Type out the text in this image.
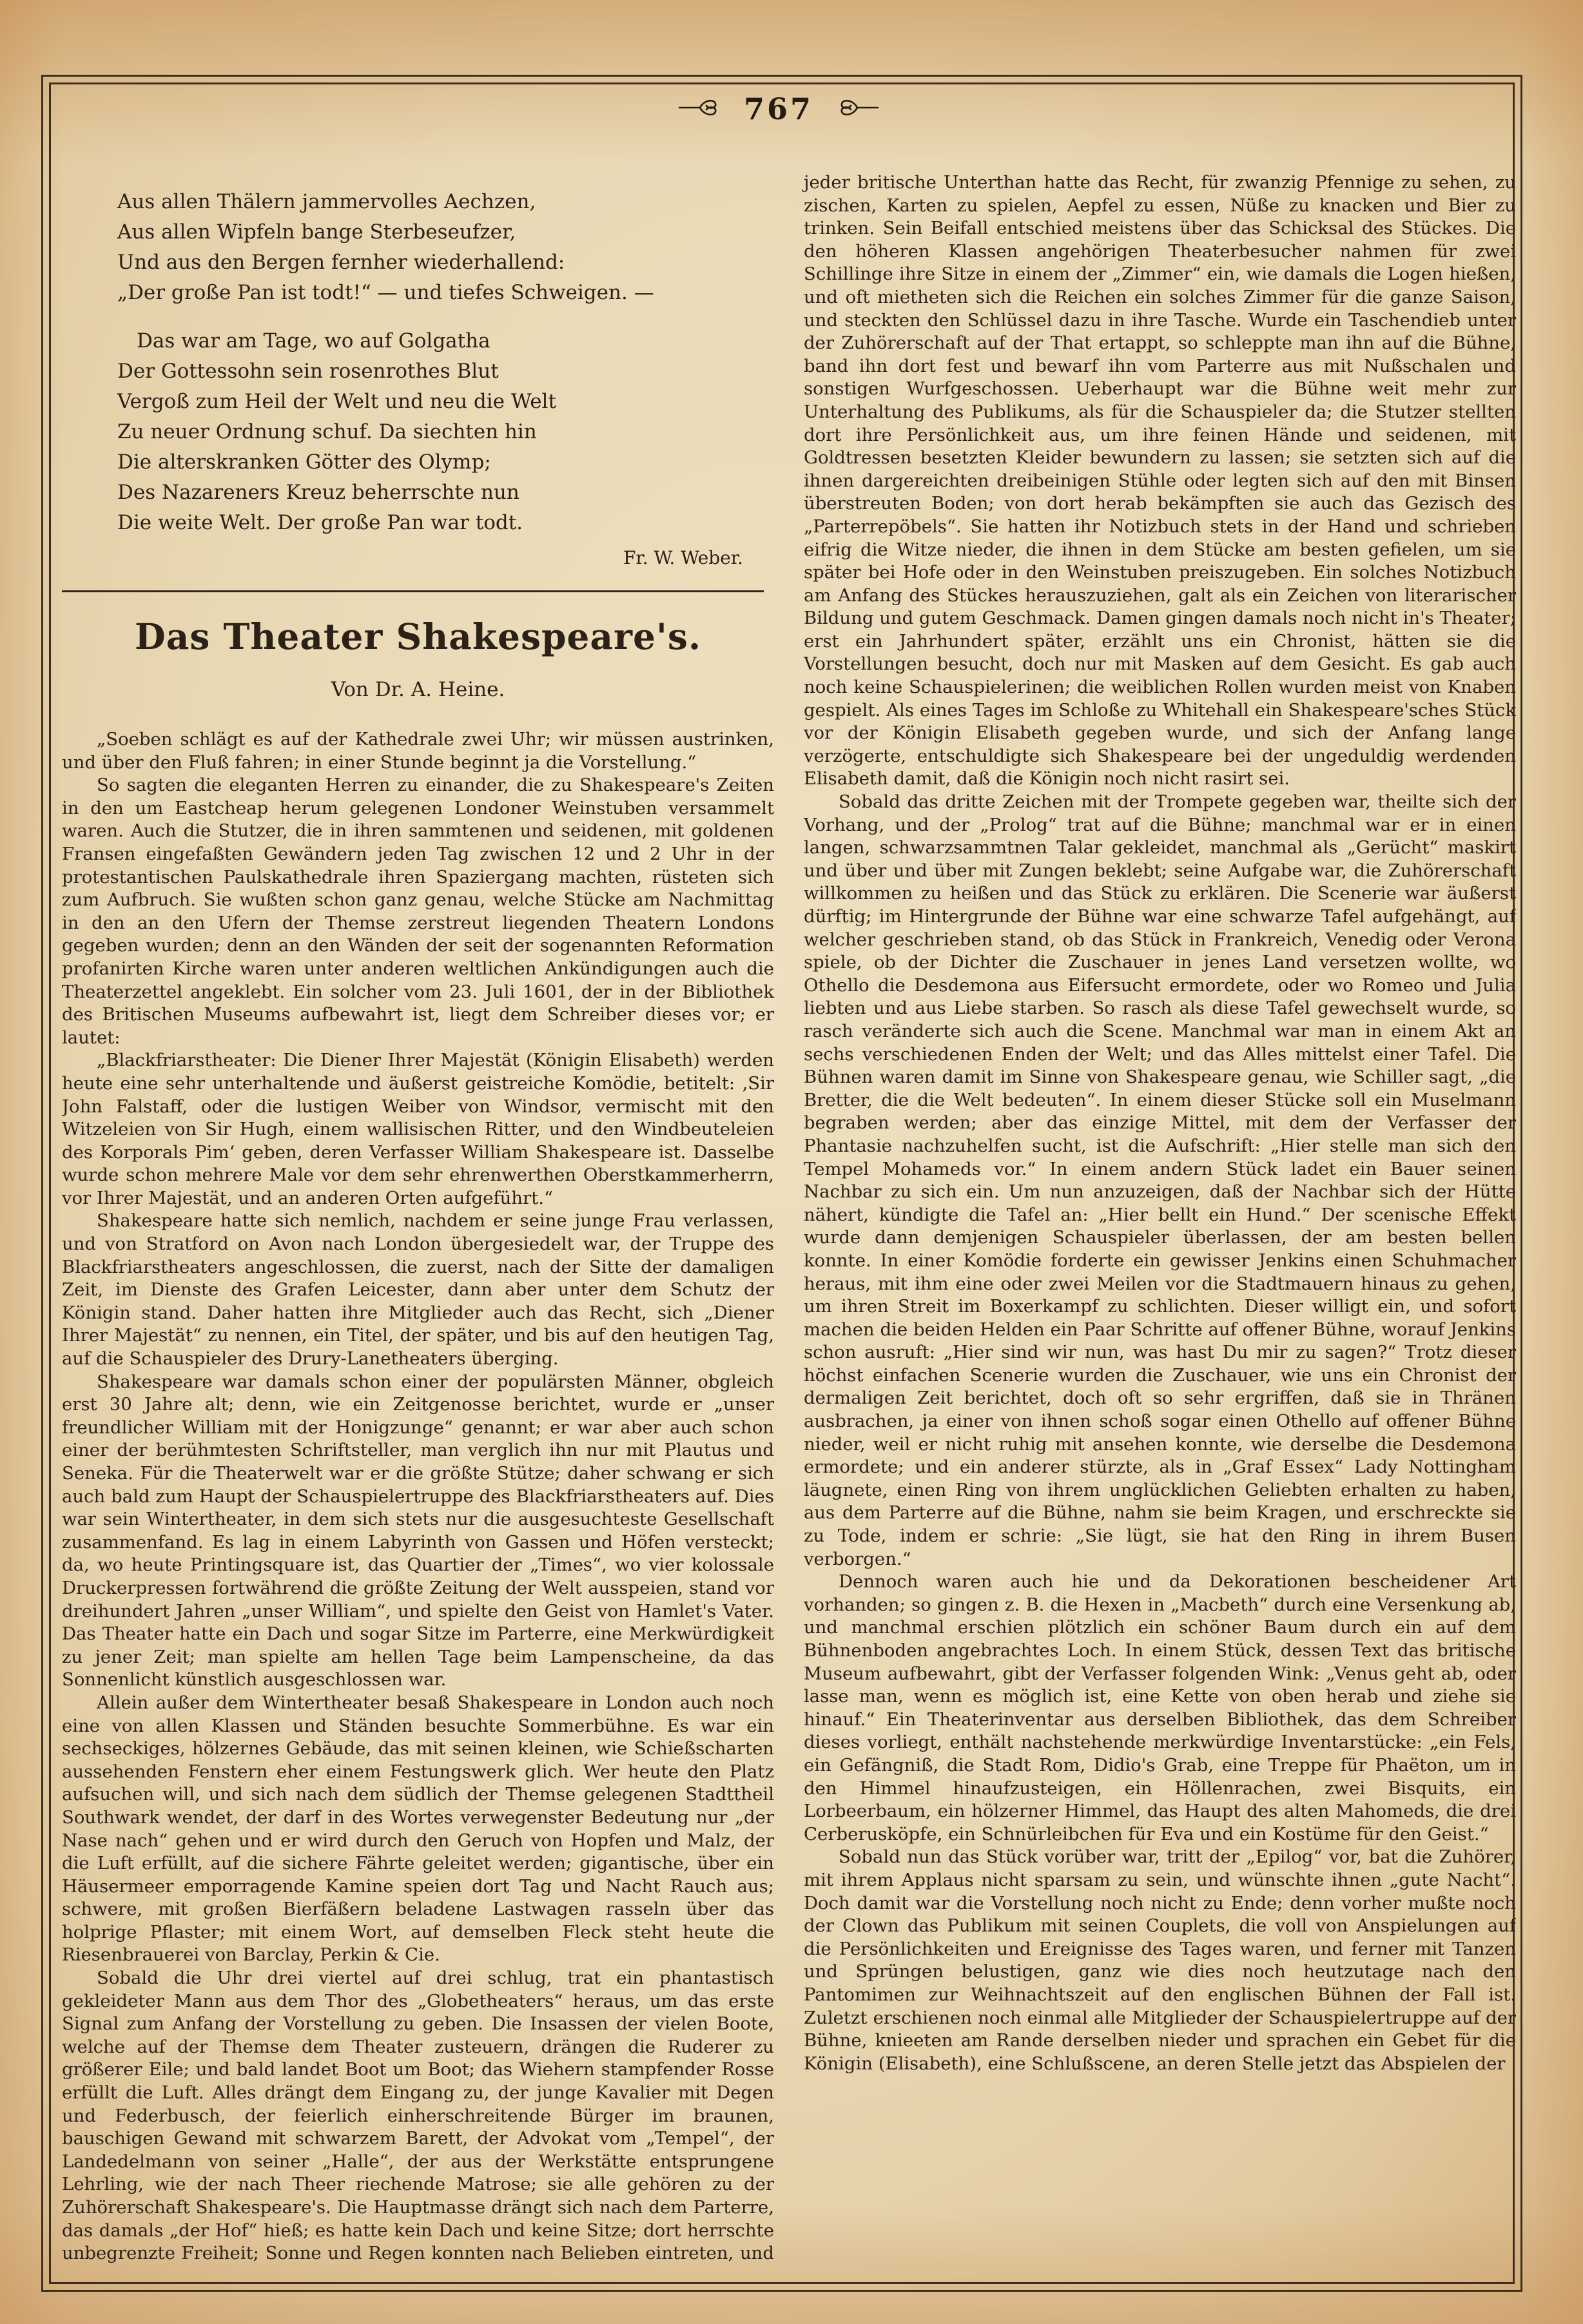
767
Aus allen Thälern jammervolles Aechzen,
Aus allen Wipfeln bange Sterbeseufzer,
Und aus den Bergen fernher wiederhallend:
„Der große Pan ist todt!“ — und tiefes Schweigen. —
Das war am Tage, wo auf Golgatha
Der Gottessohn sein rosenrothes Blut
Vergoß zum Heil der Welt und neu die Welt
Zu neuer Ordnung schuf. Da siechten hin
Die alterskranken Götter des Olymp;
Des Nazareners Kreuz beherrschte nun
Die weite Welt. Der große Pan war todt.
Fr. W. Weber.
Das Theater Shakespeare's.
Von Dr. A. Heine.

„Soeben schlägt es auf der Kathedrale zwei Uhr; wir müssen austrinken, und über den Fluß fahren; in einer Stunde beginnt ja die Vorstellung.“

So sagten die eleganten Herren zu einander, die zu Shakespeare's Zeiten in den um Eastcheap herum gelegenen Londoner Weinstuben versammelt waren. Auch die Stutzer, die in ihren sammtenen und seidenen, mit goldenen Fransen eingefaßten Gewändern jeden Tag zwischen 12 und 2 Uhr in der protestantischen Paulskathedrale ihren Spaziergang machten, rüsteten sich zum Aufbruch. Sie wußten schon ganz genau, welche Stücke am Nachmittag in den an den Ufern der Themse zerstreut liegenden Theatern Londons gegeben wurden; denn an den Wänden der seit der sogenannten Reformation profanirten Kirche waren unter anderen weltlichen Ankündigungen auch die Theaterzettel angeklebt. Ein solcher vom 23. Juli 1601, der in der Bibliothek des Britischen Museums aufbewahrt ist, liegt dem Schreiber dieses vor; er lautet:

„Blackfriarstheater: Die Diener Ihrer Majestät (Königin Elisabeth) werden heute eine sehr unterhaltende und äußerst geistreiche Komödie, betitelt: ‚Sir John Falstaff, oder die lustigen Weiber von Windsor, vermischt mit den Witzeleien von Sir Hugh, einem wallisischen Ritter, und den Windbeuteleien des Korporals Pim‘ geben, deren Verfasser William Shakespeare ist. Dasselbe wurde schon mehrere Male vor dem sehr ehrenwerthen Oberstkammerherrn, vor Ihrer Majestät, und an anderen Orten aufgeführt.“

Shakespeare hatte sich nemlich, nachdem er seine junge Frau verlassen, und von Stratford on Avon nach London übergesiedelt war, der Truppe des Blackfriarstheaters angeschlossen, die zuerst, nach der Sitte der damaligen Zeit, im Dienste des Grafen Leicester, dann aber unter dem Schutz der Königin stand. Daher hatten ihre Mitglieder auch das Recht, sich „Diener Ihrer Majestät“ zu nennen, ein Titel, der später, und bis auf den heutigen Tag, auf die Schauspieler des Drury-Lanetheaters überging.

Shakespeare war damals schon einer der populärsten Männer, obgleich erst 30 Jahre alt; denn, wie ein Zeitgenosse berichtet, wurde er „unser freundlicher William mit der Honigzunge“ genannt; er war aber auch schon einer der berühmtesten Schriftsteller, man verglich ihn nur mit Plautus und Seneka. Für die Theaterwelt war er die größte Stütze; daher schwang er sich auch bald zum Haupt der Schauspielertruppe des Blackfriarstheaters auf. Dies war sein Wintertheater, in dem sich stets nur die ausgesuchteste Gesellschaft zusammenfand. Es lag in einem Labyrinth von Gassen und Höfen versteckt; da, wo heute Printingsquare ist, das Quartier der „Times“, wo vier kolossale Druckerpressen fortwährend die größte Zeitung der Welt ausspeien, stand vor dreihundert Jahren „unser William“, und spielte den Geist von Hamlet's Vater. Das Theater hatte ein Dach und sogar Sitze im Parterre, eine Merkwürdigkeit zu jener Zeit; man spielte am hellen Tage beim Lampenscheine, da das Sonnenlicht künstlich ausgeschlossen war.

Allein außer dem Wintertheater besaß Shakespeare in London auch noch eine von allen Klassen und Ständen besuchte Sommerbühne. Es war ein sechseckiges, hölzernes Gebäude, das mit seinen kleinen, wie Schießscharten aussehenden Fenstern eher einem Festungswerk glich. Wer heute den Platz aufsuchen will, und sich nach dem südlich der Themse gelegenen Stadttheil Southwark wendet, der darf in des Wortes verwegenster Bedeutung nur „der Nase nach“ gehen und er wird durch den Geruch von Hopfen und Malz, der die Luft erfüllt, auf die sichere Fährte geleitet werden; gigantische, über ein Häusermeer emporragende Kamine speien dort Tag und Nacht Rauch aus; schwere, mit großen Bierfäßern beladene Lastwagen rasseln über das holprige Pflaster; mit einem Wort, auf demselben Fleck steht heute die Riesenbrauerei von Barclay, Perkin & Cie.

Sobald die Uhr drei viertel auf drei schlug, trat ein phantastisch gekleideter Mann aus dem Thor des „Globetheaters“ heraus, um das erste Signal zum Anfang der Vorstellung zu geben. Die Insassen der vielen Boote, welche auf der Themse dem Theater zusteuern, drängen die Ruderer zu größerer Eile; und bald landet Boot um Boot; das Wiehern stampfender Rosse erfüllt die Luft. Alles drängt dem Eingang zu, der junge Kavalier mit Degen und Federbusch, der feierlich einherschreitende Bürger im braunen, bauschigen Gewand mit schwarzem Barett, der Advokat vom „Tempel“, der Landedelmann von seiner „Halle“, der aus der Werkstätte entsprungene Lehrling, wie der nach Theer riechende Matrose; sie alle gehören zu der Zuhörerschaft Shakespeare's. Die Hauptmasse drängt sich nach dem Parterre, das damals „der Hof“ hieß; es hatte kein Dach und keine Sitze; dort herrschte unbegrenzte Freiheit; Sonne und Regen konnten nach Belieben eintreten, und jeder britische Unterthan hatte das Recht, für zwanzig Pfennige zu sehen, zu zischen, Karten zu spielen, Aepfel zu essen, Nüße zu knacken und Bier zu trinken. Sein Beifall entschied meistens über das Schicksal des Stückes. Die den höheren Klassen angehörigen Theaterbesucher nahmen für zwei Schillinge ihre Sitze in einem der „Zimmer“ ein, wie damals die Logen hießen, und oft mietheten sich die Reichen ein solches Zimmer für die ganze Saison, und steckten den Schlüssel dazu in ihre Tasche. Wurde ein Taschendieb unter der Zuhörerschaft auf der That ertappt, so schleppte man ihn auf die Bühne, band ihn dort fest und bewarf ihn vom Parterre aus mit Nußschalen und sonstigen Wurfgeschossen. Ueberhaupt war die Bühne weit mehr zur Unterhaltung des Publikums, als für die Schauspieler da; die Stutzer stellten dort ihre Persönlichkeit aus, um ihre feinen Hände und seidenen, mit Goldtressen besetzten Kleider bewundern zu lassen; sie setzten sich auf die ihnen dargereichten dreibeinigen Stühle oder legten sich auf den mit Binsen überstreuten Boden; von dort herab bekämpften sie auch das Gezisch des „Parterrepöbels“. Sie hatten ihr Notizbuch stets in der Hand und schrieben eifrig die Witze nieder, die ihnen in dem Stücke am besten gefielen, um sie später bei Hofe oder in den Weinstuben preiszugeben. Ein solches Notizbuch am Anfang des Stückes herauszuziehen, galt als ein Zeichen von literarischer Bildung und gutem Geschmack. Damen gingen damals noch nicht in's Theater; erst ein Jahrhundert später, erzählt uns ein Chronist, hätten sie die Vorstellungen besucht, doch nur mit Masken auf dem Gesicht. Es gab auch noch keine Schauspielerinen; die weiblichen Rollen wurden meist von Knaben gespielt. Als eines Tages im Schloße zu Whitehall ein Shakespeare'sches Stück vor der Königin Elisabeth gegeben wurde, und sich der Anfang lange verzögerte, entschuldigte sich Shakespeare bei der ungeduldig werdenden Elisabeth damit, daß die Königin noch nicht rasirt sei.

Sobald das dritte Zeichen mit der Trompete gegeben war, theilte sich der Vorhang, und der „Prolog“ trat auf die Bühne; manchmal war er in einen langen, schwarzsammtnen Talar gekleidet, manchmal als „Gerücht“ maskirt und über und über mit Zungen beklebt; seine Aufgabe war, die Zuhörerschaft willkommen zu heißen und das Stück zu erklären. Die Scenerie war äußerst dürftig; im Hintergrunde der Bühne war eine schwarze Tafel aufgehängt, auf welcher geschrieben stand, ob das Stück in Frankreich, Venedig oder Verona spiele, ob der Dichter die Zuschauer in jenes Land versetzen wollte, wo Othello die Desdemona aus Eifersucht ermordete, oder wo Romeo und Julia liebten und aus Liebe starben. So rasch als diese Tafel gewechselt wurde, so rasch veränderte sich auch die Scene. Manchmal war man in einem Akt an sechs verschiedenen Enden der Welt; und das Alles mittelst einer Tafel. Die Bühnen waren damit im Sinne von Shakespeare genau, wie Schiller sagt, „die Bretter, die die Welt bedeuten“. In einem dieser Stücke soll ein Muselmann begraben werden; aber das einzige Mittel, mit dem der Verfasser der Phantasie nachzuhelfen sucht, ist die Aufschrift: „Hier stelle man sich den Tempel Mohameds vor.“ In einem andern Stück ladet ein Bauer seinen Nachbar zu sich ein. Um nun anzuzeigen, daß der Nachbar sich der Hütte nähert, kündigte die Tafel an: „Hier bellt ein Hund.“ Der scenische Effekt wurde dann demjenigen Schauspieler überlassen, der am besten bellen konnte. In einer Komödie forderte ein gewisser Jenkins einen Schuhmacher heraus, mit ihm eine oder zwei Meilen vor die Stadtmauern hinaus zu gehen, um ihren Streit im Boxerkampf zu schlichten. Dieser willigt ein, und sofort machen die beiden Helden ein Paar Schritte auf offener Bühne, worauf Jenkins schon ausruft: „Hier sind wir nun, was hast Du mir zu sagen?“ Trotz dieser höchst einfachen Scenerie wurden die Zuschauer, wie uns ein Chronist der dermaligen Zeit berichtet, doch oft so sehr ergriffen, daß sie in Thränen ausbrachen, ja einer von ihnen schoß sogar einen Othello auf offener Bühne nieder, weil er nicht ruhig mit ansehen konnte, wie derselbe die Desdemona ermordete; und ein anderer stürzte, als in „Graf Essex“ Lady Nottingham läugnete, einen Ring von ihrem unglücklichen Geliebten erhalten zu haben, aus dem Parterre auf die Bühne, nahm sie beim Kragen, und erschreckte sie zu Tode, indem er schrie: „Sie lügt, sie hat den Ring in ihrem Busen verborgen.“

Dennoch waren auch hie und da Dekorationen bescheidener Art vorhanden; so gingen z. B. die Hexen in „Macbeth“ durch eine Versenkung ab, und manchmal erschien plötzlich ein schöner Baum durch ein auf dem Bühnenboden angebrachtes Loch. In einem Stück, dessen Text das britische Museum aufbewahrt, gibt der Verfasser folgenden Wink: „Venus geht ab, oder lasse man, wenn es möglich ist, eine Kette von oben herab und ziehe sie hinauf.“ Ein Theaterinventar aus derselben Bibliothek, das dem Schreiber dieses vorliegt, enthält nachstehende merkwürdige Inventarstücke: „ein Fels, ein Gefängniß, die Stadt Rom, Didio's Grab, eine Treppe für Phaëton, um in den Himmel hinaufzusteigen, ein Höllenrachen, zwei Bisquits, ein Lorbeerbaum, ein hölzerner Himmel, das Haupt des alten Mahomeds, die drei Cerberusköpfe, ein Schnürleibchen für Eva und ein Kostüme für den Geist.“

Sobald nun das Stück vorüber war, tritt der „Epilog“ vor, bat die Zuhörer, mit ihrem Applaus nicht sparsam zu sein, und wünschte ihnen „gute Nacht“. Doch damit war die Vorstellung noch nicht zu Ende; denn vorher mußte noch der Clown das Publikum mit seinen Couplets, die voll von Anspielungen auf die Persönlichkeiten und Ereignisse des Tages waren, und ferner mit Tanzen und Sprüngen belustigen, ganz wie dies noch heutzutage nach den Pantomimen zur Weihnachtszeit auf den englischen Bühnen der Fall ist. Zuletzt erschienen noch einmal alle Mitglieder der Schauspielertruppe auf der Bühne, knieeten am Rande derselben nieder und sprachen ein Gebet für die Königin (Elisabeth), eine Schlußscene, an deren Stelle jetzt das Abspielen der
